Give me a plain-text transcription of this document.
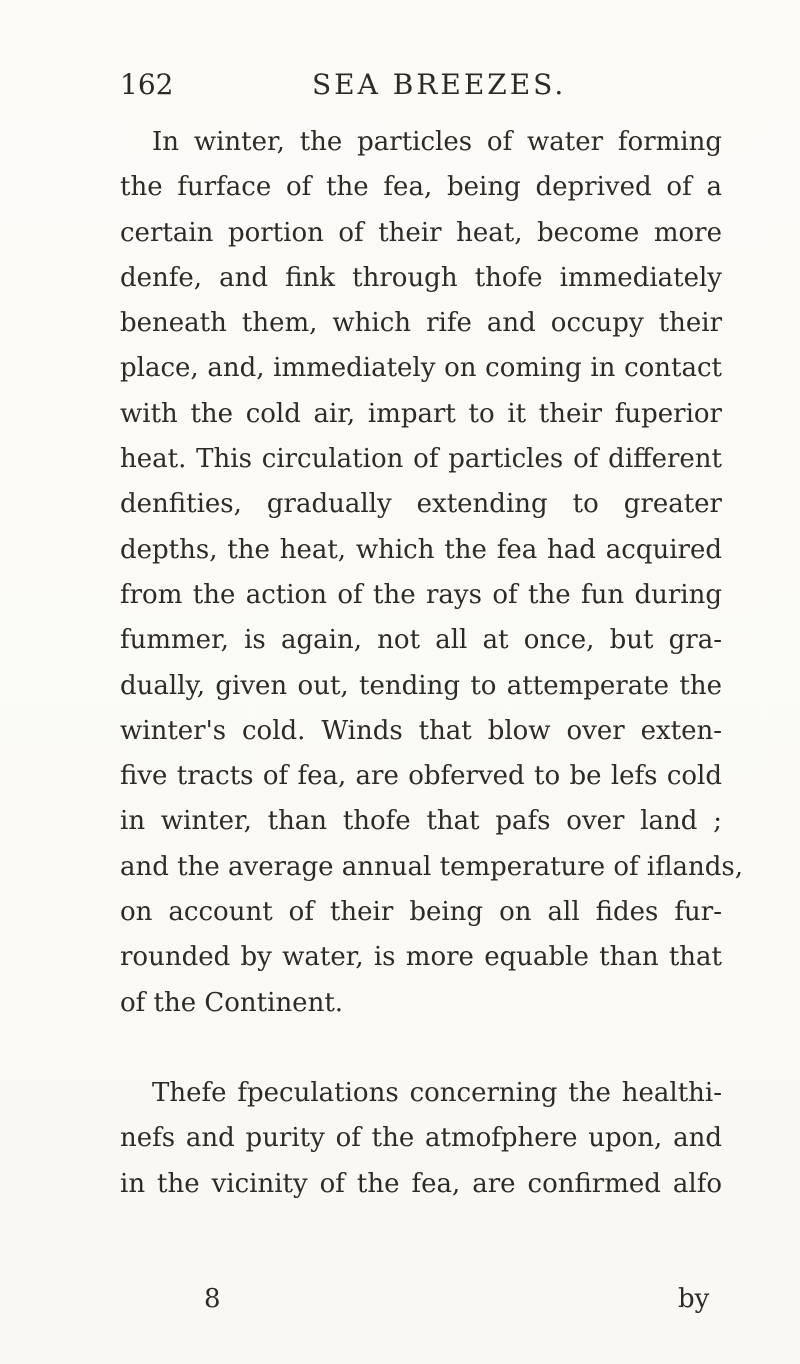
162	SEA BREEZES.
In winter, the particles of water forming
the furface of the fea, being deprived of a
certain portion of their heat, become more
denfe, and fink through thofe immediately
beneath them, which rife and occupy their
place, and, immediately on coming in contact
with the cold air, impart to it their fuperior
heat. This circulation of particles of different
denfities, gradually extending to greater
depths, the heat, which the fea had acquired
from the action of the rays of the fun during
fummer, is again, not all at once, but gra-
dually, given out, tending to attemperate the
winter's cold. Winds that blow over exten-
five tracts of fea, are obferved to be lefs cold
in winter, than thofe that pafs over land ;
and the average annual temperature of iflands,
on account of their being on all fides fur-
rounded by water, is more equable than that
of the Continent.
Thefe fpeculations concerning the healthi-
nefs and purity of the atmofphere upon, and
in the vicinity of the fea, are confirmed alfo
8	by
